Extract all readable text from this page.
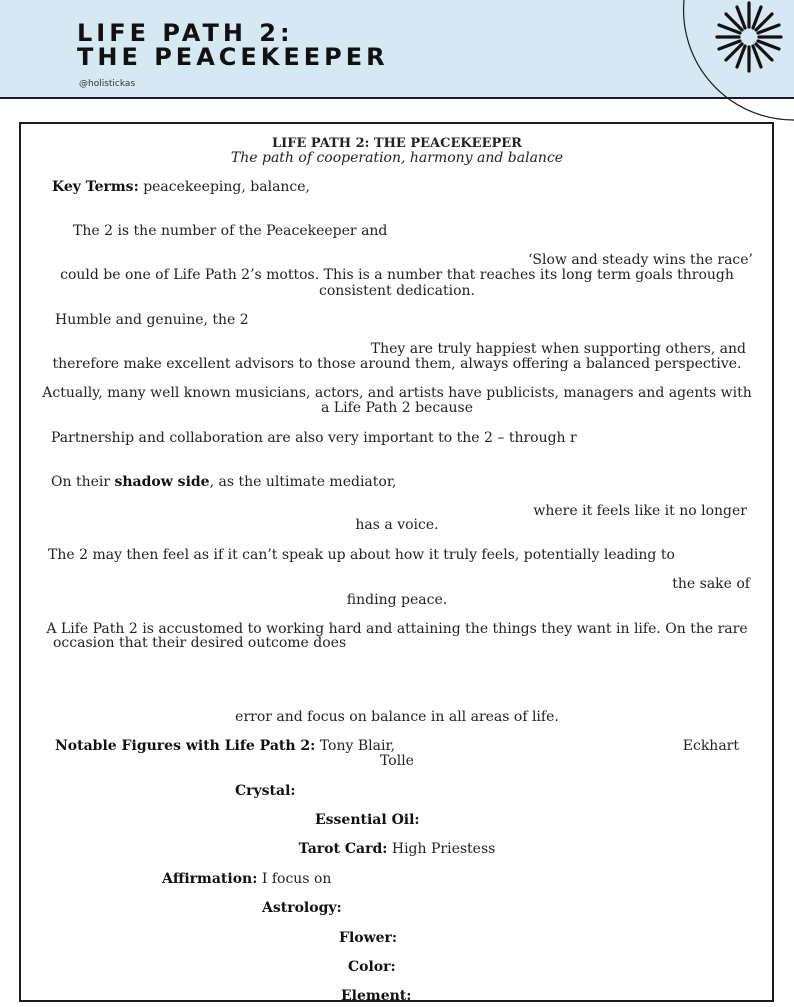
LIFE PATH 2:
THE PEACEKEEPER
@holistickas
LIFE PATH 2: THE PEACEKEEPER
The path of cooperation, harmony and balance
Key Terms: peacekeeping, balance,
The 2 is the number of the Peacekeeper and
‘Slow and steady wins the race’
could be one of Life Path 2’s mottos. This is a number that reaches its long term goals through
consistent dedication.
Humble and genuine, the 2
They are truly happiest when supporting others, and
therefore make excellent advisors to those around them, always offering a balanced perspective.
Actually, many well known musicians, actors, and artists have publicists, managers and agents with
a Life Path 2 because
Partnership and collaboration are also very important to the 2 – through r
On their shadow side, as the ultimate mediator,
where it feels like it no longer
has a voice.
The 2 may then feel as if it can’t speak up about how it truly feels, potentially leading to
the sake of
finding peace.
A Life Path 2 is accustomed to working hard and attaining the things they want in life. On the rare
occasion that their desired outcome does
error and focus on balance in all areas of life.
Notable Figures with Life Path 2: Tony Blair,	Eckhart
Tolle
Crystal:
Essential Oil:
Tarot Card: High Priestess
Affirmation: I focus on
Astrology:
Flower:
Color:
Element:
